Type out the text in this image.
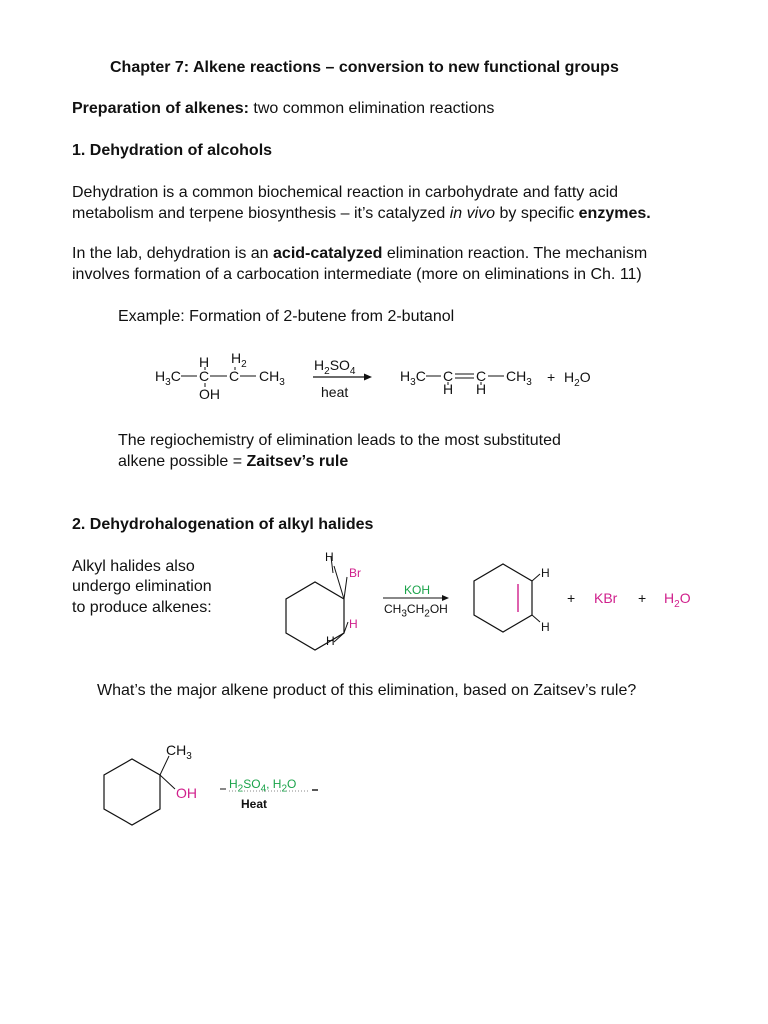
Chapter 7: Alkene reactions – conversion to new functional groups
Preparation of alkenes: two common elimination reactions
1. Dehydration of alcohols
Dehydration is a common biochemical reaction in carbohydrate and fatty acid
metabolism and terpene biosynthesis – it’s catalyzed in vivo by specific enzymes.
In the lab, dehydration is an acid-catalyzed elimination reaction. The mechanism
involves formation of a carbocation intermediate (more on eliminations in Ch. 11)
Example: Formation of 2-butene from 2-butanol
$H_3C$ C
H
OH
C
$H_2$
$CH_3$
$H_2SO_4$
heat
$H_3C$ C
H
C
H
$CH_3 + H_2O$
The regiochemistry of elimination leads to the most substituted
alkene possible = Zaitsev’s rule
2. Dehydrohalogenation of alkyl halides
Alkyl halides also
undergo elimination
to produce alkenes:
H
Br
H
H
KOH
$CH_3CH_2OH$
H
H
+ KBr + $H_2O$
What’s the major alkene product of this elimination, based on Zaitsev’s rule?
$CH_3$
OH
$H_2SO_4$, $H_2O$
Heat
